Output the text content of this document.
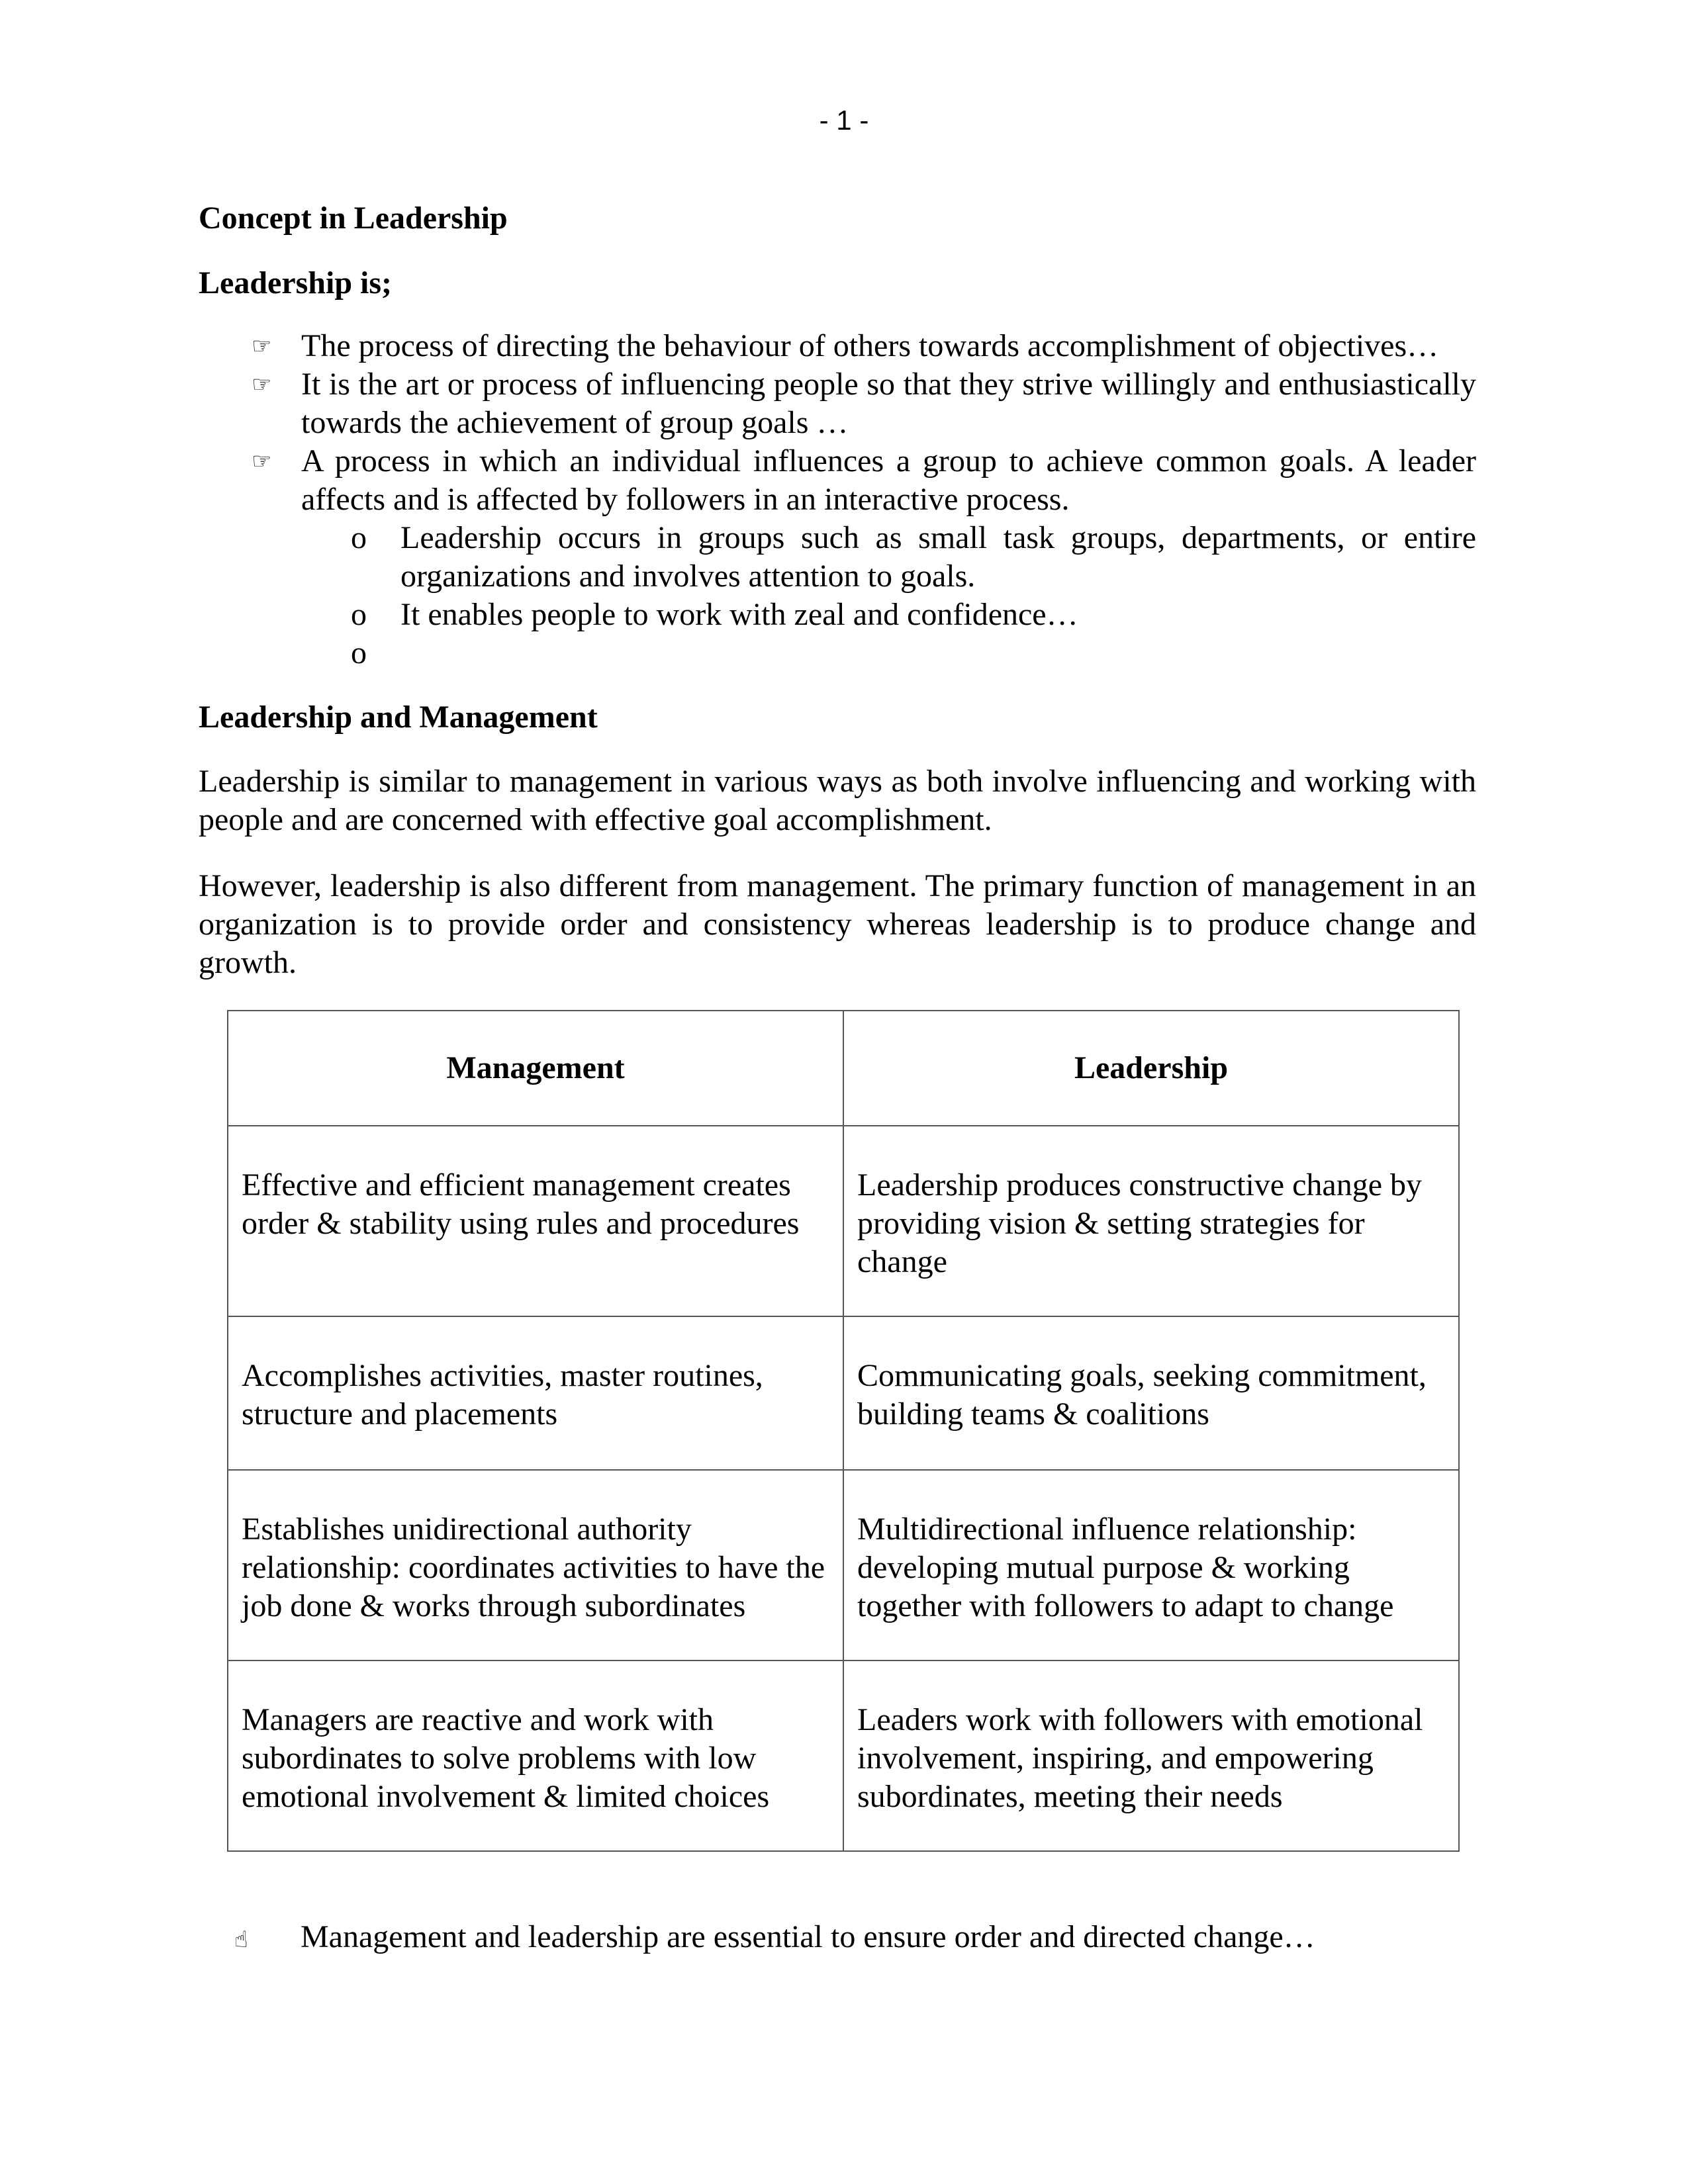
- 1 -
Concept in Leadership
Leadership is;
☞ The process of directing the behaviour of others towards accomplishment of objectives…
☞ It is the art or process of influencing people so that they strive willingly and enthusiastically towards the achievement of group goals …
☞ A process in which an individual influences a group to achieve common goals. A leader affects and is affected by followers in an interactive process.
o Leadership occurs in groups such as small task groups, departments, or entire organizations and involves attention to goals.
o It enables people to work with zeal and confidence…
o

Leadership and Management

Leadership is similar to management in various ways as both involve influencing and working with people and are concerned with effective goal accomplishment.

However, leadership is also different from management. The primary function of management in an organization is to provide order and consistency whereas leadership is to produce change and growth.

Management	Leadership
Effective and efficient management creates order & stability using rules and procedures	Leadership produces constructive change by providing vision & setting strategies for change
Accomplishes activities, master routines, structure and placements	Communicating goals, seeking commitment, building teams & coalitions
Establishes unidirectional authority relationship: coordinates activities to have the job done & works through subordinates	Multidirectional influence relationship: developing mutual purpose & working together with followers to adapt to change
Managers are reactive and work with subordinates to solve problems with low emotional involvement & limited choices	Leaders work with followers with emotional involvement, inspiring, and empowering subordinates, meeting their needs
☝ Management and leadership are essential to ensure order and directed change…
